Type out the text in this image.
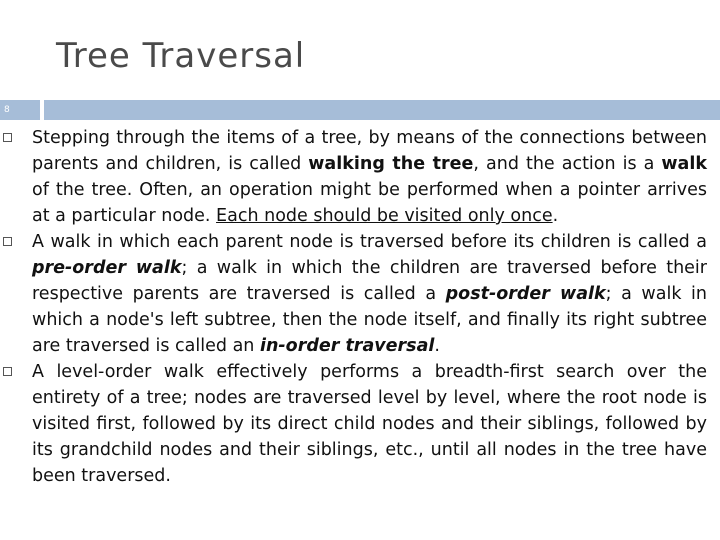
Tree Traversal
8
Stepping through the items of a tree, by means of the connections between parents and children, is called walking the tree, and the action is a walk of the tree. Often, an operation might be performed when a pointer arrives at a particular node. Each node should be visited only once.
A walk in which each parent node is traversed before its children is called a pre-order walk; a walk in which the children are traversed before their respective parents are traversed is called a post-order walk; a walk in which a node's left subtree, then the node itself, and finally its right subtree are traversed is called an in-order traversal.
A level-order walk effectively performs a breadth-first search over the entirety of a tree; nodes are traversed level by level, where the root node is visited first, followed by its direct child nodes and their siblings, followed by its grandchild nodes and their siblings, etc., until all nodes in the tree have been traversed.
